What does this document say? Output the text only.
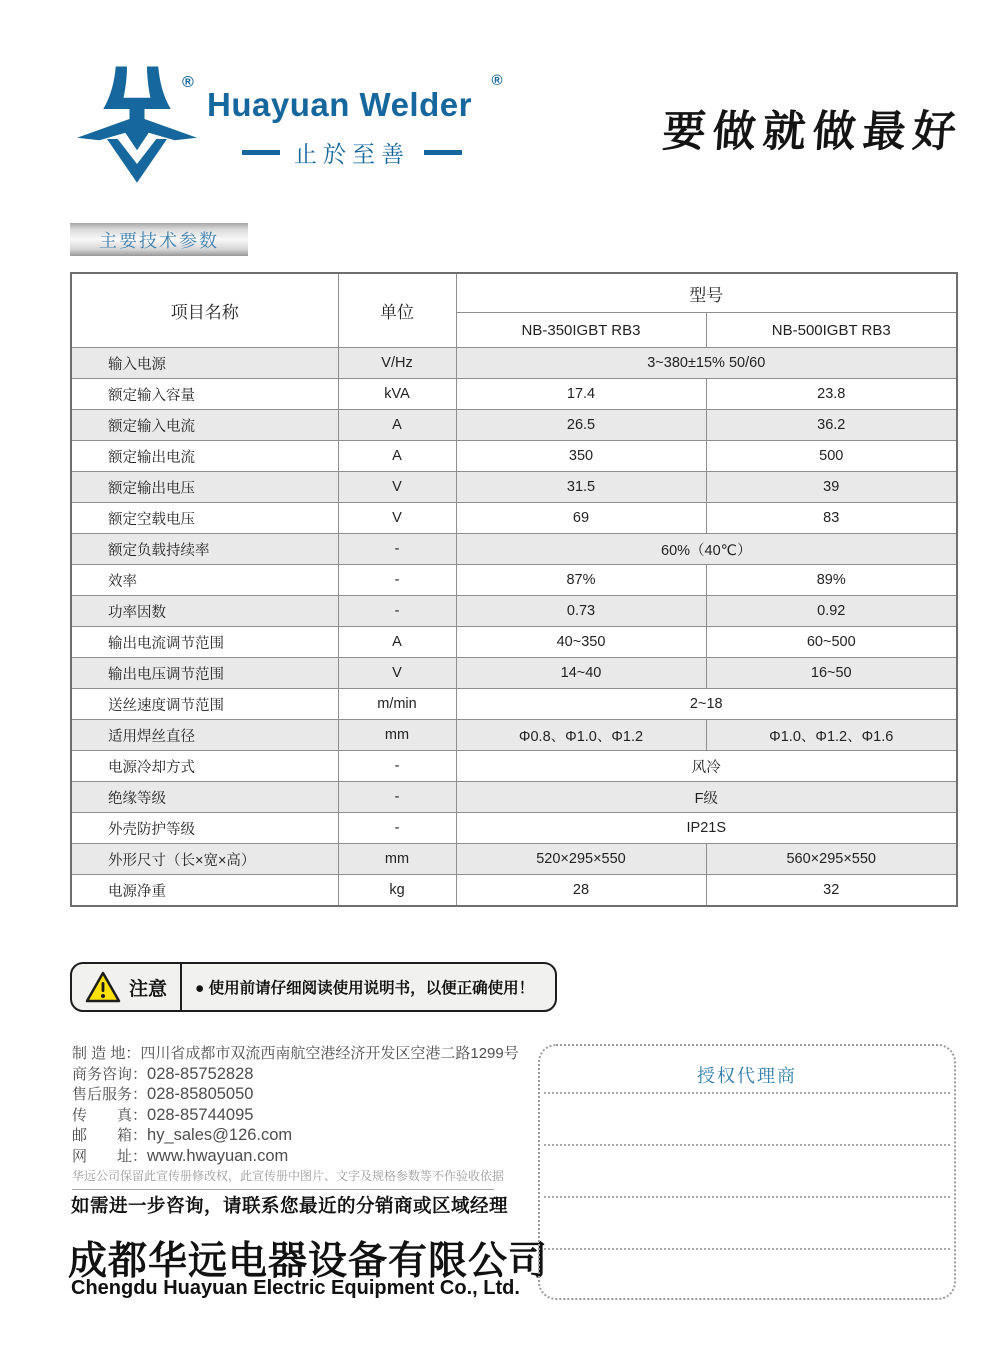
®
Huayuan Welder
®
止於至善	要做就做最好
主要技术参数
项目名称	单位	型号	
		NB-350IGBT RB3	NB-500IGBT RB3
输入电源	V/Hz	3~380±15% 50/60	
额定输入容量	kVA	17.4	23.8
额定输入电流	A	26.5	36.2
额定输出电流	A	350	500
额定输出电压	V	31.5	39
额定空载电压	V	69	83
额定负载持续率	-	60%（40℃）	
效率	-	87%	89%
功率因数	-	0.73	0.92
输出电流调节范围	A	40~350	60~500
输出电压调节范围	V	14~40	16~50
送丝速度调节范围	m/min	2~18	
适用焊丝直径	mm	Φ0.8、Φ1.0、Φ1.2	Φ1.0、Φ1.2、Φ1.6
电源冷却方式	-	风冷	
绝缘等级	-	F级	
外壳防护等级	-	IP21S	
外形尺寸（长×宽×高）	mm	520×295×550	560×295×550
电源净重	kg	28	32
注意	● 使用前请仔细阅读使用说明书，以便正确使用！
制 造 地： 四川省成都市双流西南航空港经济开发区空港二路1299号
商务咨询： 028-85752828
售后服务： 028-85805050
传　　真： 028-85744095
邮　　箱： hy_sales@126.com
网　　址： www.hwayuan.com
华远公司保留此宣传册修改权，此宣传册中图片、文字及规格参数等不作验收依据
如需进一步咨询，请联系您最近的分销商或区域经理
成都华远电器设备有限公司
Chengdu Huayuan Electric Equipment Co., Ltd.
授权代理商
